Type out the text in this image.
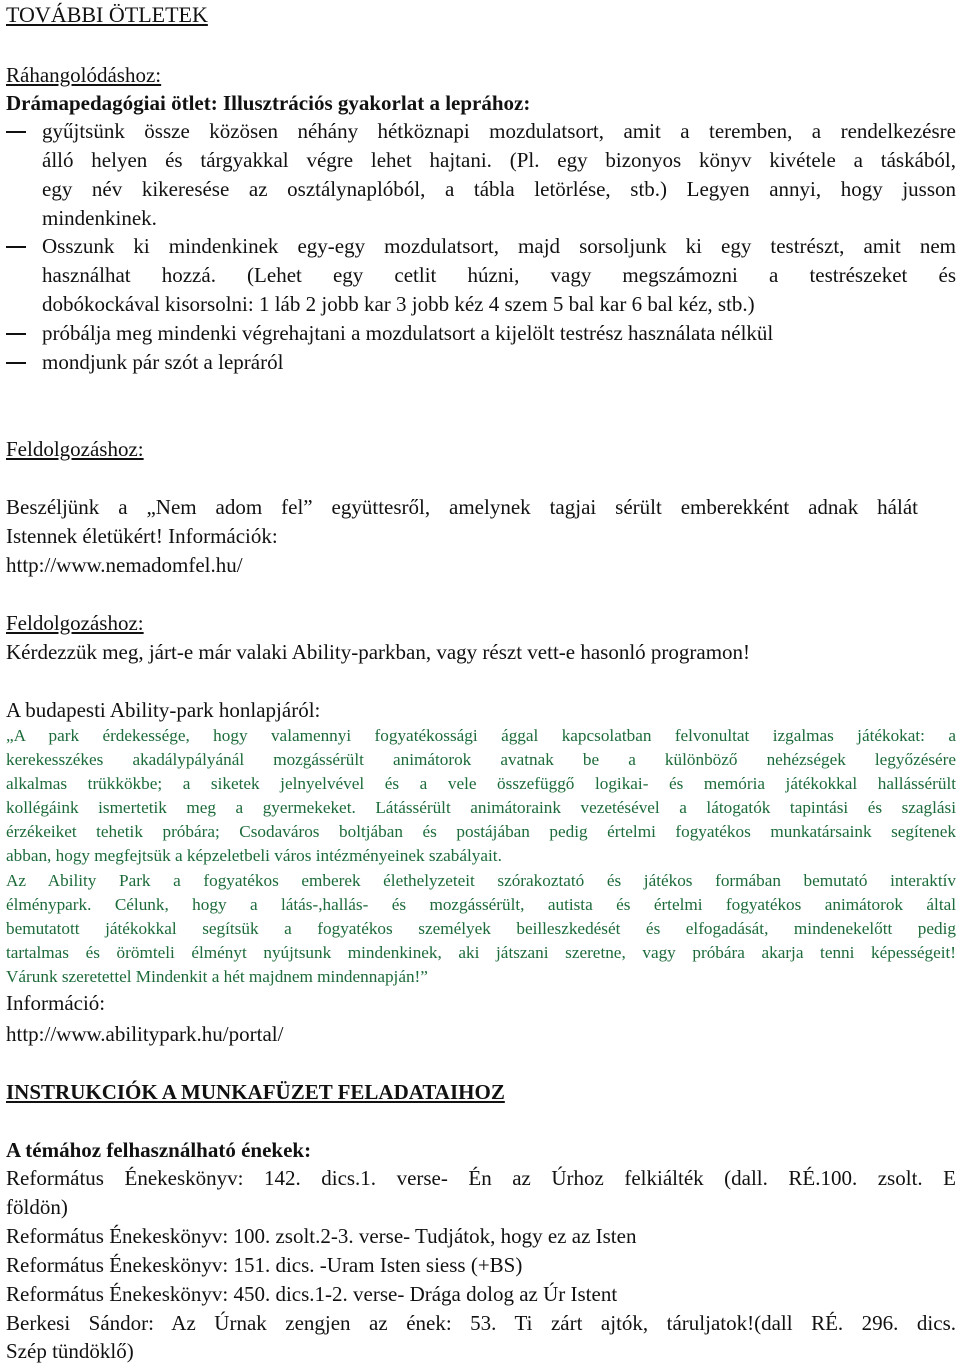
TOVÁBBI ÖTLETEK
Ráhangolódáshoz:
Drámapedagógiai ötlet: Illusztrációs gyakorlat a leprához:
gyűjtsünk össze közösen néhány hétköznapi mozdulatsort, amit a teremben, a rendelkezésre
álló helyen és tárgyakkal végre lehet hajtani. (Pl. egy bizonyos könyv kivétele a táskából,
egy név kikeresése az osztálynaplóból, a tábla letörlése, stb.) Legyen annyi, hogy jusson
mindenkinek.
Osszunk ki mindenkinek egy-egy mozdulatsort, majd sorsoljunk ki egy testrészt, amit nem
használhat hozzá. (Lehet egy cetlit húzni, vagy megszámozni a testrészeket és
dobókockával kisorsolni: 1 láb 2 jobb kar 3 jobb kéz 4 szem 5 bal kar 6 bal kéz, stb.)
próbálja meg mindenki végrehajtani a mozdulatsort a kijelölt testrész használata nélkül
mondjunk pár szót a lepráról
Feldolgozáshoz:
Beszéljünk a „Nem adom fel” együttesről, amelynek tagjai sérült emberekként adnak hálát
Istennek életükért! Információk:
http://www.nemadomfel.hu/
Feldolgozáshoz:
Kérdezzük meg, járt-e már valaki Ability-parkban, vagy részt vett-e hasonló programon!
A budapesti Ability-park honlapjáról:
„A park érdekessége, hogy valamennyi fogyatékossági ággal kapcsolatban felvonultat izgalmas játékokat: a
kerekesszékes akadálypályánál mozgássérült animátorok avatnak be a különböző nehézségek legyőzésére
alkalmas trükkökbe; a siketek jelnyelvével és a vele összefüggő logikai- és memória játékokkal hallássérült
kollégáink ismertetik meg a gyermekeket. Látássérült animátoraink vezetésével a látogatók tapintási és szaglási
érzékeiket tehetik próbára; Csodaváros boltjában és postájában pedig értelmi fogyatékos munkatársaink segítenek
abban, hogy megfejtsük a képzeletbeli város intézményeinek szabályait.
Az Ability Park a fogyatékos emberek élethelyzeteit szórakoztató és játékos formában bemutató interaktív
élménypark. Célunk, hogy a látás-,hallás- és mozgássérült, autista és értelmi fogyatékos animátorok által
bemutatott játékokkal segítsük a fogyatékos személyek beilleszkedését és elfogadását, mindenekelőtt pedig
tartalmas és örömteli élményt nyújtsunk mindenkinek, aki játszani szeretne, vagy próbára akarja tenni képességeit!
Várunk szeretettel Mindenkit a hét majdnem mindennapján!”
Információ:
http://www.abilitypark.hu/portal/
INSTRUKCIÓK A MUNKAFÜZET FELADATAIHOZ
A témához felhasználható énekek:
Református Énekeskönyv: 142. dics.1. verse- Én az Úrhoz felkiálték (dall. RÉ.100. zsolt. E
földön)
Református Énekeskönyv: 100. zsolt.2-3. verse- Tudjátok, hogy ez az Isten
Református Énekeskönyv: 151. dics. -Uram Isten siess (+BS)
Református Énekeskönyv: 450. dics.1-2. verse- Drága dolog az Úr Istent
Berkesi Sándor: Az Úrnak zengjen az ének: 53. Ti zárt ajtók, táruljatok!(dall RÉ. 296. dics.
Szép tündöklő)
